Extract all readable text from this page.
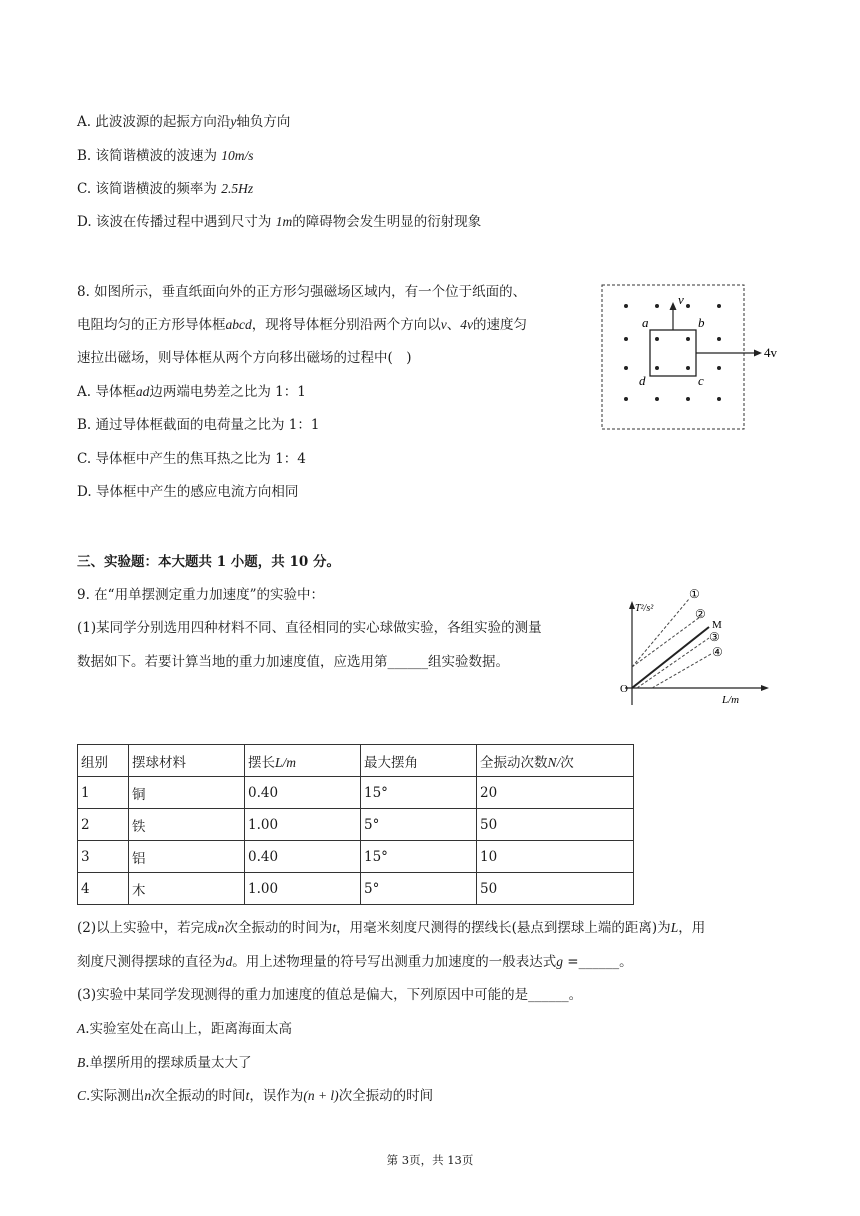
A. 此波波源的起振方向沿y轴负方向
B. 该简谐横波的波速为 10m/s
C. 该简谐横波的频率为 2.5Hz
D. 该波在传播过程中遇到尺寸为 1m的障碍物会发生明显的衍射现象
8. 如图所示，垂直纸面向外的正方形匀强磁场区域内，有一个位于纸面的、
电阻均匀的正方形导体框abcd，现将导体框分别沿两个方向以v、4v的速度匀
速拉出磁场，则导体框从两个方向移出磁场的过程中(　)
A. 导体框ad边两端电势差之比为 1：1
B. 通过导体框截面的电荷量之比为 1：1
C. 导体框中产生的焦耳热之比为 1：4
D. 导体框中产生的感应电流方向相同
v
a	b
c
d
4v
三、实验题：本大题共 1 小题，共 10 分。
9. 在“用单摆测定重力加速度”的实验中：
(1)某同学分别选用四种材料不同、直径相同的实心球做实验，各组实验的测量
数据如下。若要计算当地的重力加速度值，应选用第______组实验数据。
T²/s²
L/m
O
①
②
M
③
④
组别	摆球材料	摆长L/m	最大摆角	全振动次数N/次
1	铜	0.40	15°	20
2	铁	1.00	5°	50
3	铝	0.40	15°	10
4	木	1.00	5°	50
(2)以上实验中，若完成n次全振动的时间为t，用毫米刻度尺测得的摆线长(悬点到摆球上端的距离)为L，用
刻度尺测得摆球的直径为d。用上述物理量的符号写出测重力加速度的一般表达式g =______。
(3)实验中某同学发现测得的重力加速度的值总是偏大，下列原因中可能的是______。
A.实验室处在高山上，距离海面太高
B.单摆所用的摆球质量太大了
C.实际测出n次全振动的时间t，误作为(n + l)次全振动的时间
第 3页，共 13页
